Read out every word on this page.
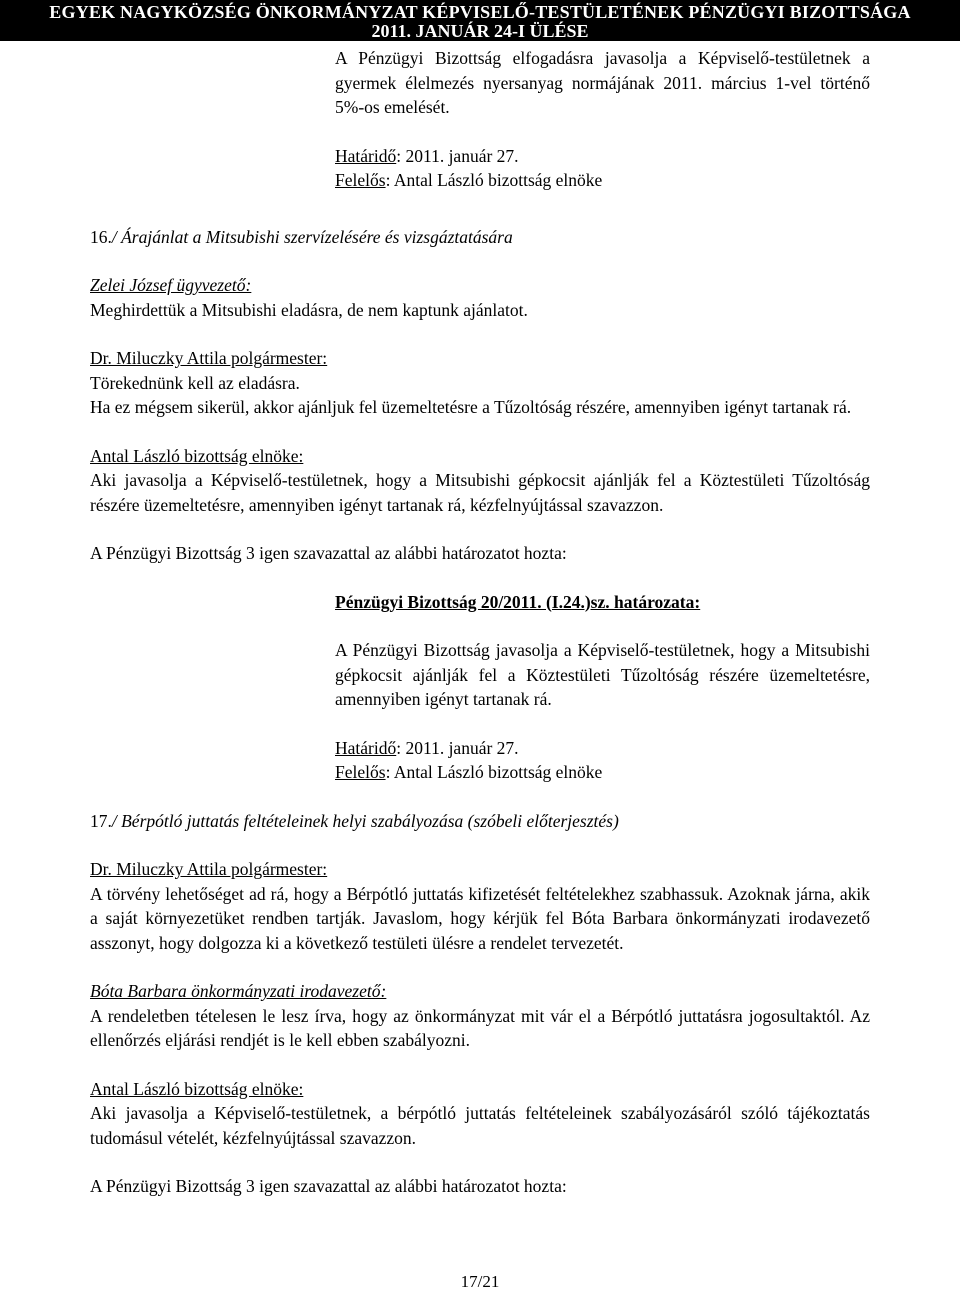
EGYEK NAGYKÖZSÉG ÖNKORMÁNYZAT KÉPVISELŐ-TESTÜLETÉNEK PÉNZÜGYI BIZOTTSÁGA
2011. JANUÁR 24-I ÜLÉSE

A Pénzügyi Bizottság elfogadásra javasolja a Képviselő-testületnek a gyermek élelmezés nyersanyag normájának 2011. március 1-vel történő 5%-os emelését.

Határidő: 2011. január 27.

Felelős: Antal László bizottság elnöke

16./ Árajánlat a Mitsubishi szervízelésére és vizsgáztatására

Zelei József ügyvezető:

Meghirdettük a Mitsubishi eladásra, de nem kaptunk ajánlatot.

Dr. Miluczky Attila polgármester:

Törekednünk kell az eladásra.

Ha ez mégsem sikerül, akkor ajánljuk fel üzemeltetésre a Tűzoltóság részére, amennyiben igényt tartanak rá.

Antal László bizottság elnöke:

Aki javasolja a Képviselő-testületnek, hogy a Mitsubishi gépkocsit ajánlják fel a Köztestületi Tűzoltóság részére üzemeltetésre, amennyiben igényt tartanak rá, kézfelnyújtással szavazzon.

A Pénzügyi Bizottság 3 igen szavazattal az alábbi határozatot hozta:

Pénzügyi Bizottság 20/2011. (I.24.)sz. határozata:

A Pénzügyi Bizottság javasolja a Képviselő-testületnek, hogy a Mitsubishi gépkocsit ajánlják fel a Köztestületi Tűzoltóság részére üzemeltetésre, amennyiben igényt tartanak rá.

Határidő: 2011. január 27.

Felelős: Antal László bizottság elnöke

17./ Bérpótló juttatás feltételeinek helyi szabályozása (szóbeli előterjesztés)

Dr. Miluczky Attila polgármester:

A törvény lehetőséget ad rá, hogy a Bérpótló juttatás kifizetését feltételekhez szabhassuk. Azoknak járna, akik a saját környezetüket rendben tartják. Javaslom, hogy kérjük fel Bóta Barbara önkormányzati irodavezető asszonyt, hogy dolgozza ki a következő testületi ülésre a rendelet tervezetét.

Bóta Barbara önkormányzati irodavezető:

A rendeletben tételesen le lesz írva, hogy az önkormányzat mit vár el a Bérpótló juttatásra jogosultaktól. Az ellenőrzés eljárási rendjét is le kell ebben szabályozni.

Antal László bizottság elnöke:

Aki javasolja a Képviselő-testületnek, a bérpótló juttatás feltételeinek szabályozásáról szóló tájékoztatás tudomásul vételét, kézfelnyújtással szavazzon.

A Pénzügyi Bizottság 3 igen szavazattal az alábbi határozatot hozta:

17/21
